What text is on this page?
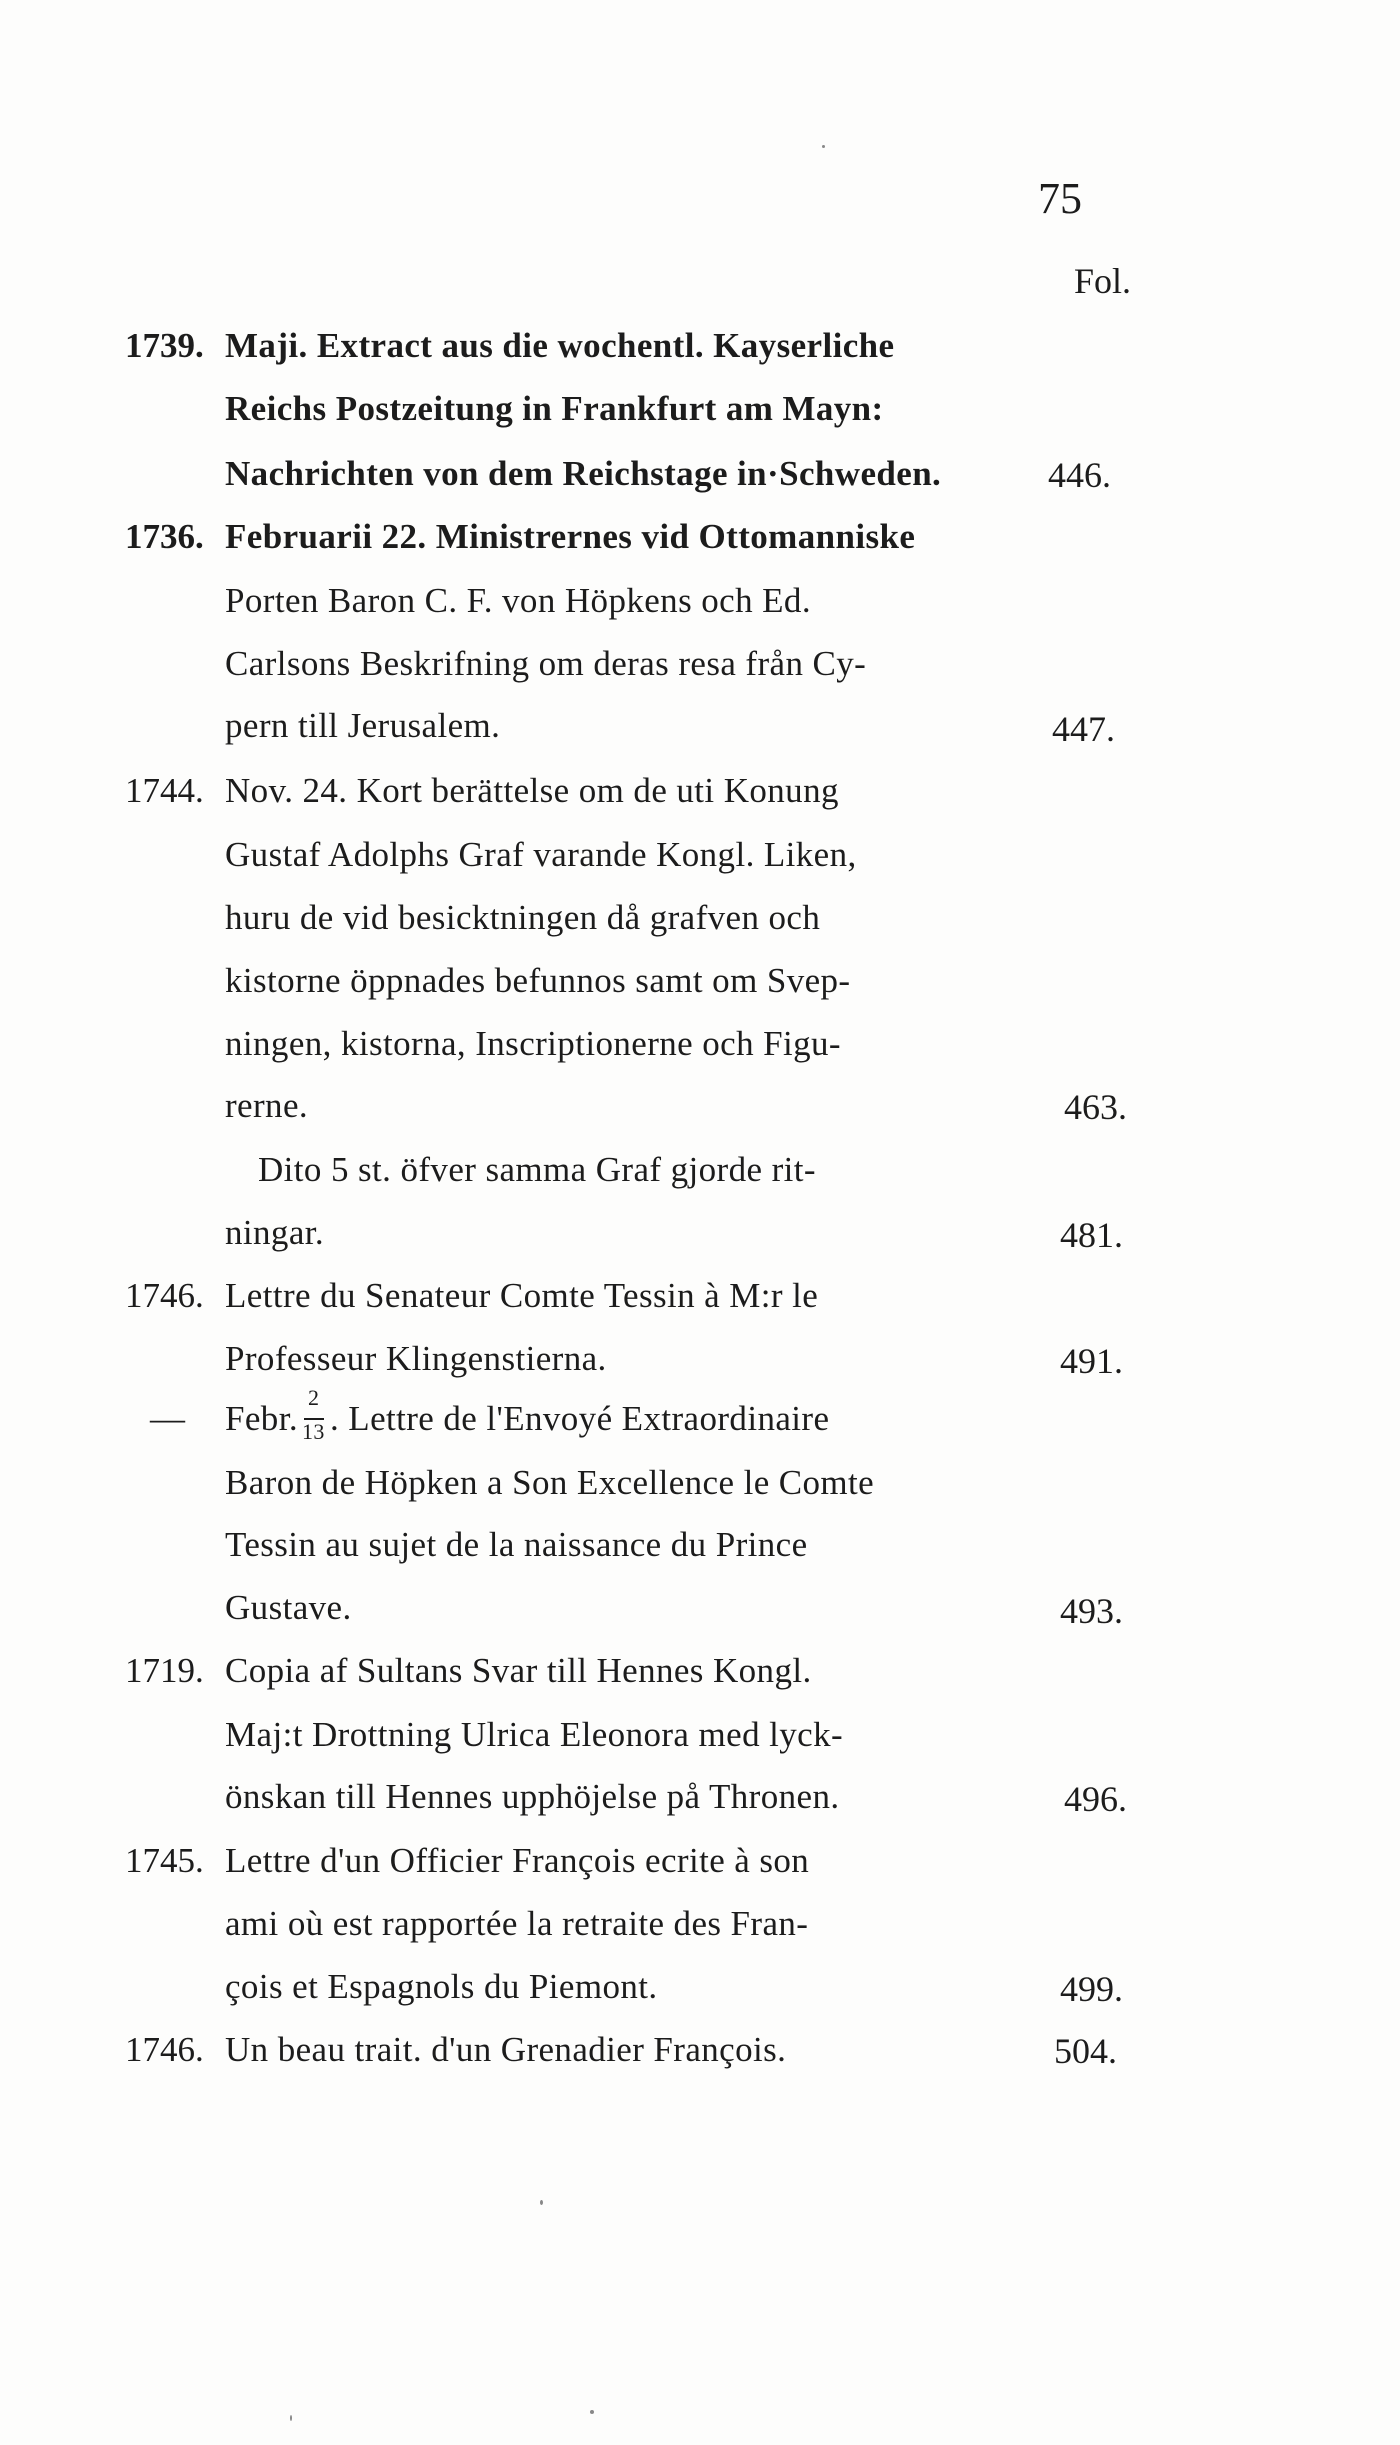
75
Fol.
1739. Maji. Extract aus die wochentl. Kayserliche
Reichs Postzeitung in Frankfurt am Mayn:
Nachrichten von dem Reichstage in·Schweden.	446.
1736. Februarii 22. Ministrernes vid Ottomanniske
Porten Baron C. F. von Höpkens och Ed.
Carlsons Beskrifning om deras resa från Cy-
pern till Jerusalem.	447.
1744. Nov. 24. Kort berättelse om de uti Konung
Gustaf Adolphs Graf varande Kongl. Liken,
huru de vid besicktningen då grafven och
kistorne öppnades befunnos samt om Svep-
ningen, kistorna, Inscriptionerne och Figu-
rerne.	463.
Dito 5 st. öfver samma Graf gjorde rit-
ningar.	481.
1746. Lettre du Senateur Comte Tessin à M:r le
Professeur Klingenstierna.	491.
— Febr. $\frac{2}{13}$ . Lettre de l'Envoyé Extraordinaire
Baron de Höpken a Son Excellence le Comte
Tessin au sujet de la naissance du Prince
Gustave.	493.
1719. Copia af Sultans Svar till Hennes Kongl.
Maj:t Drottning Ulrica Eleonora med lyck-
önskan till Hennes upphöjelse på Thronen.	496.
1745. Lettre d'un Officier François ecrite à son
ami où est rapportée la retraite des Fran-
çois et Espagnols du Piemont.	499.
1746. Un beau trait. d'un Grenadier François.	504.
